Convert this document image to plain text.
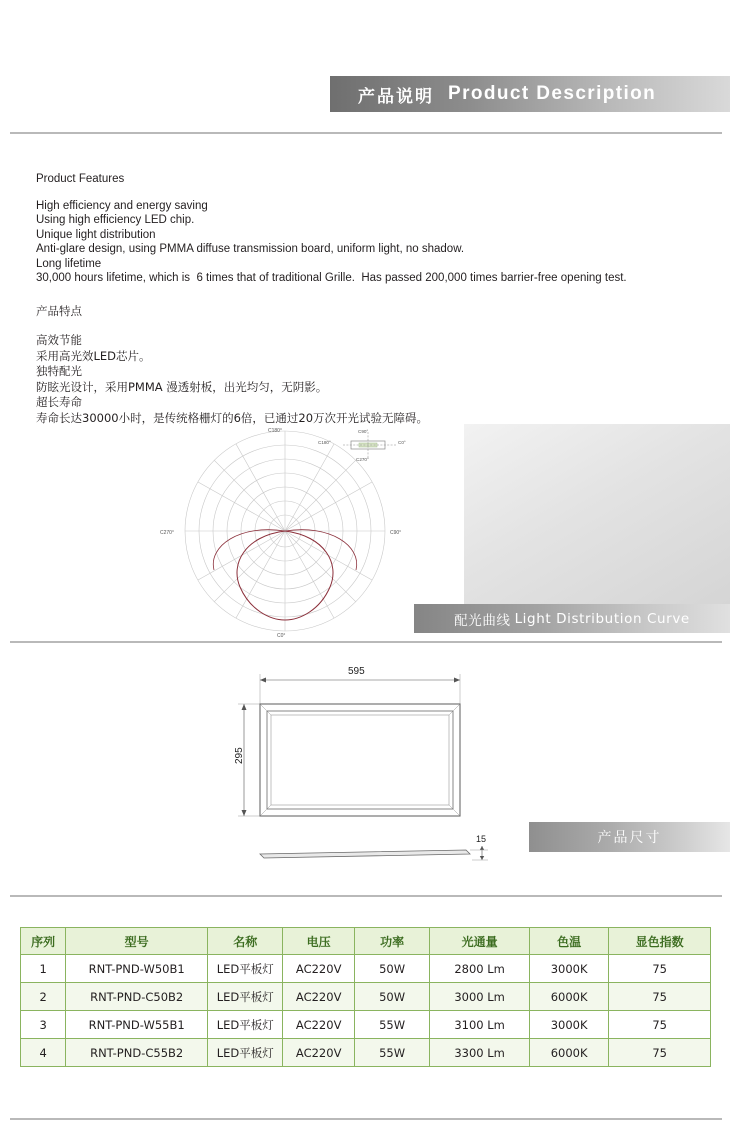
产品说明 Product Description
Product Features
High efficiency and energy saving
Using high efficiency LED chip.
Unique light distribution
Anti-glare design, using PMMA diffuse transmission board, uniform light, no shadow.
Long lifetime
30,000 hours lifetime, which is  6 times that of traditional Grille.  Has passed 200,000 times barrier-free opening test.
产品特点
高效节能
采用高光效LED芯片。
独特配光
防眩光设计，采用PMMA 漫透射板，出光均匀，无阴影。
超长寿命
寿命长达30000小时，是传统格栅灯的6倍，已通过20万次开光试验无障碍。
C180°
C270°	C90°
C0°
C180°	C0°
C90°
C270°
配光曲线 Light Distribution Curve
595
295
15	产品尺寸
序列	型号	名称	电压	功率	光通量	色温	显色指数
1	RNT-PND-W50B1	LED平板灯	AC220V	50W	2800 Lm	3000K	75
2	RNT-PND-C50B2	LED平板灯	AC220V	50W	3000 Lm	6000K	75
3	RNT-PND-W55B1	LED平板灯	AC220V	55W	3100 Lm	3000K	75
4	RNT-PND-C55B2	LED平板灯	AC220V	55W	3300 Lm	6000K	75
